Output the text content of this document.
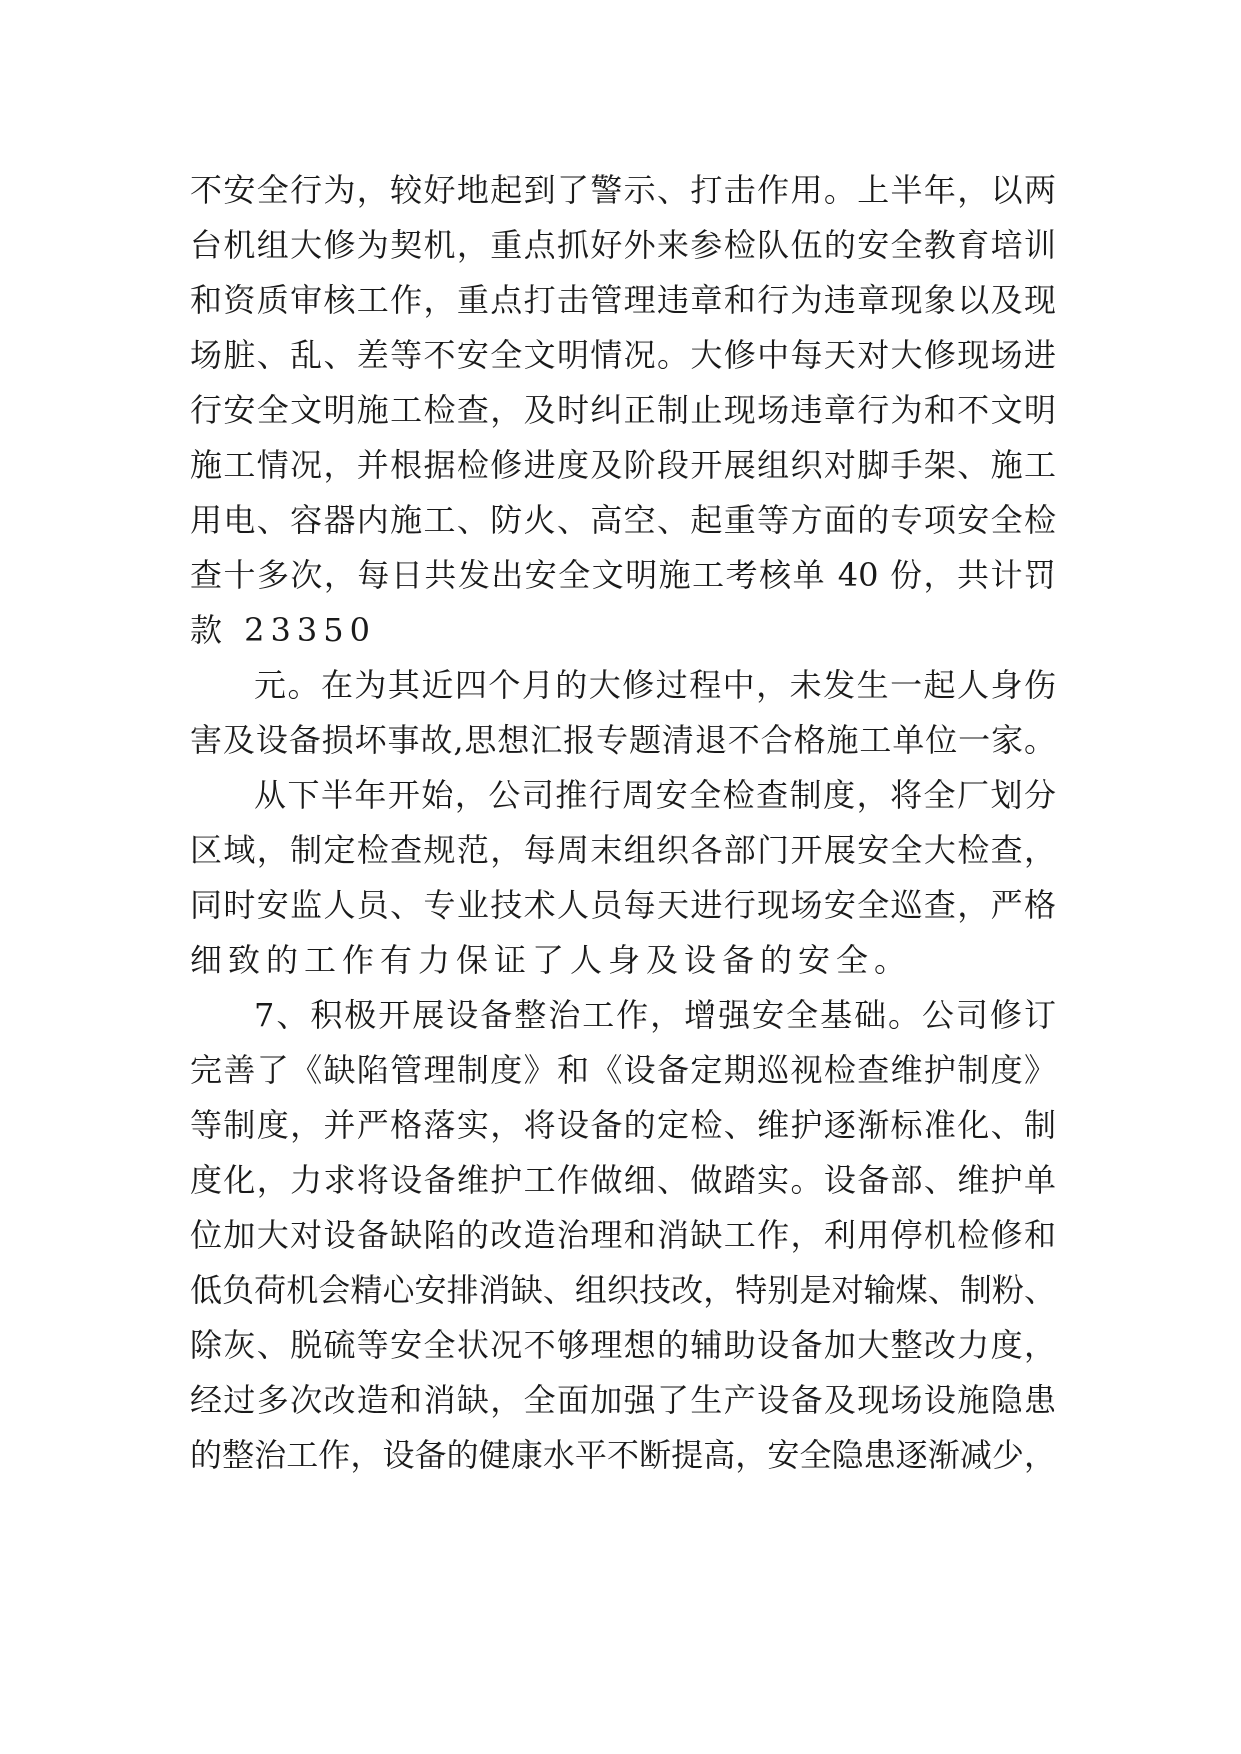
不安全行为，较好地起到了警示、打击作用。上半年，以两
台机组大修为契机，重点抓好外来参检队伍的安全教育培训
和资质审核工作，重点打击管理违章和行为违章现象以及现
场脏、乱、差等不安全文明情况。大修中每天对大修现场进
行安全文明施工检查，及时纠正制止现场违章行为和不文明
施工情况，并根据检修进度及阶段开展组织对脚手架、施工
用电、容器内施工、防火、高空、起重等方面的专项安全检
查十多次，每日共发出安全文明施工考核单 40 份，共计罚
款 23350
元。在为其近四个月的大修过程中，未发生一起人身伤
害及设备损坏事故,思想汇报专题清退不合格施工单位一家。
从下半年开始，公司推行周安全检查制度，将全厂划分
区域，制定检查规范，每周末组织各部门开展安全大检查，
同时安监人员、专业技术人员每天进行现场安全巡查，严格
细致的工作有力保证了人身及设备的安全。
7、积极开展设备整治工作，增强安全基础。公司修订
完善了《缺陷管理制度》和《设备定期巡视检查维护制度》
等制度，并严格落实，将设备的定检、维护逐渐标准化、制
度化，力求将设备维护工作做细、做踏实。设备部、维护单
位加大对设备缺陷的改造治理和消缺工作，利用停机检修和
低负荷机会精心安排消缺、组织技改，特别是对输煤、制粉、
除灰、脱硫等安全状况不够理想的辅助设备加大整改力度，
经过多次改造和消缺，全面加强了生产设备及现场设施隐患
的整治工作，设备的健康水平不断提高，安全隐患逐渐减少，
